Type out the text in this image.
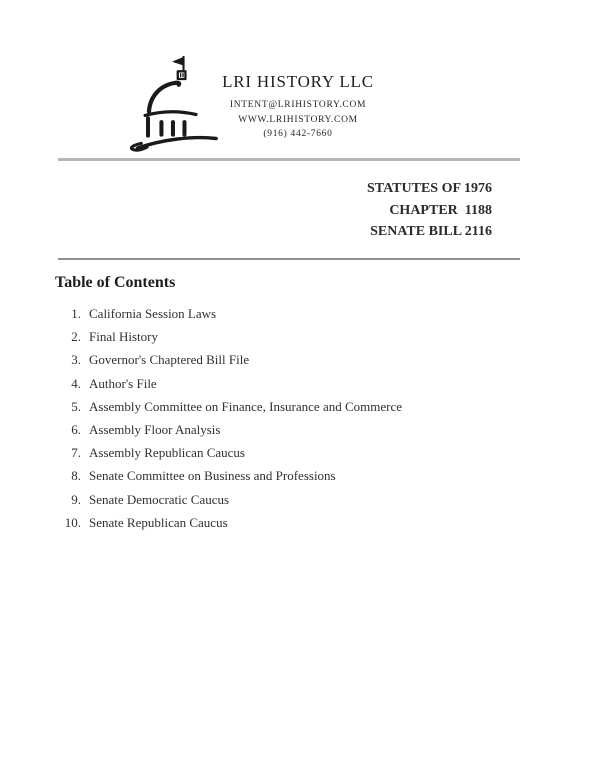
LRI HISTORY LLC
INTENT@LRIHISTORY.COM
WWW.LRIHISTORY.COM
(916) 442-7660
STATUTES OF 1976
CHAPTER  1188
SENATE BILL 2116
Table of Contents
1. California Session Laws
2. Final History
3. Governor's Chaptered Bill File
4. Author's File
5. Assembly Committee on Finance, Insurance and Commerce
6. Assembly Floor Analysis
7. Assembly Republican Caucus
8. Senate Committee on Business and Professions
9. Senate Democratic Caucus
10. Senate Republican Caucus
